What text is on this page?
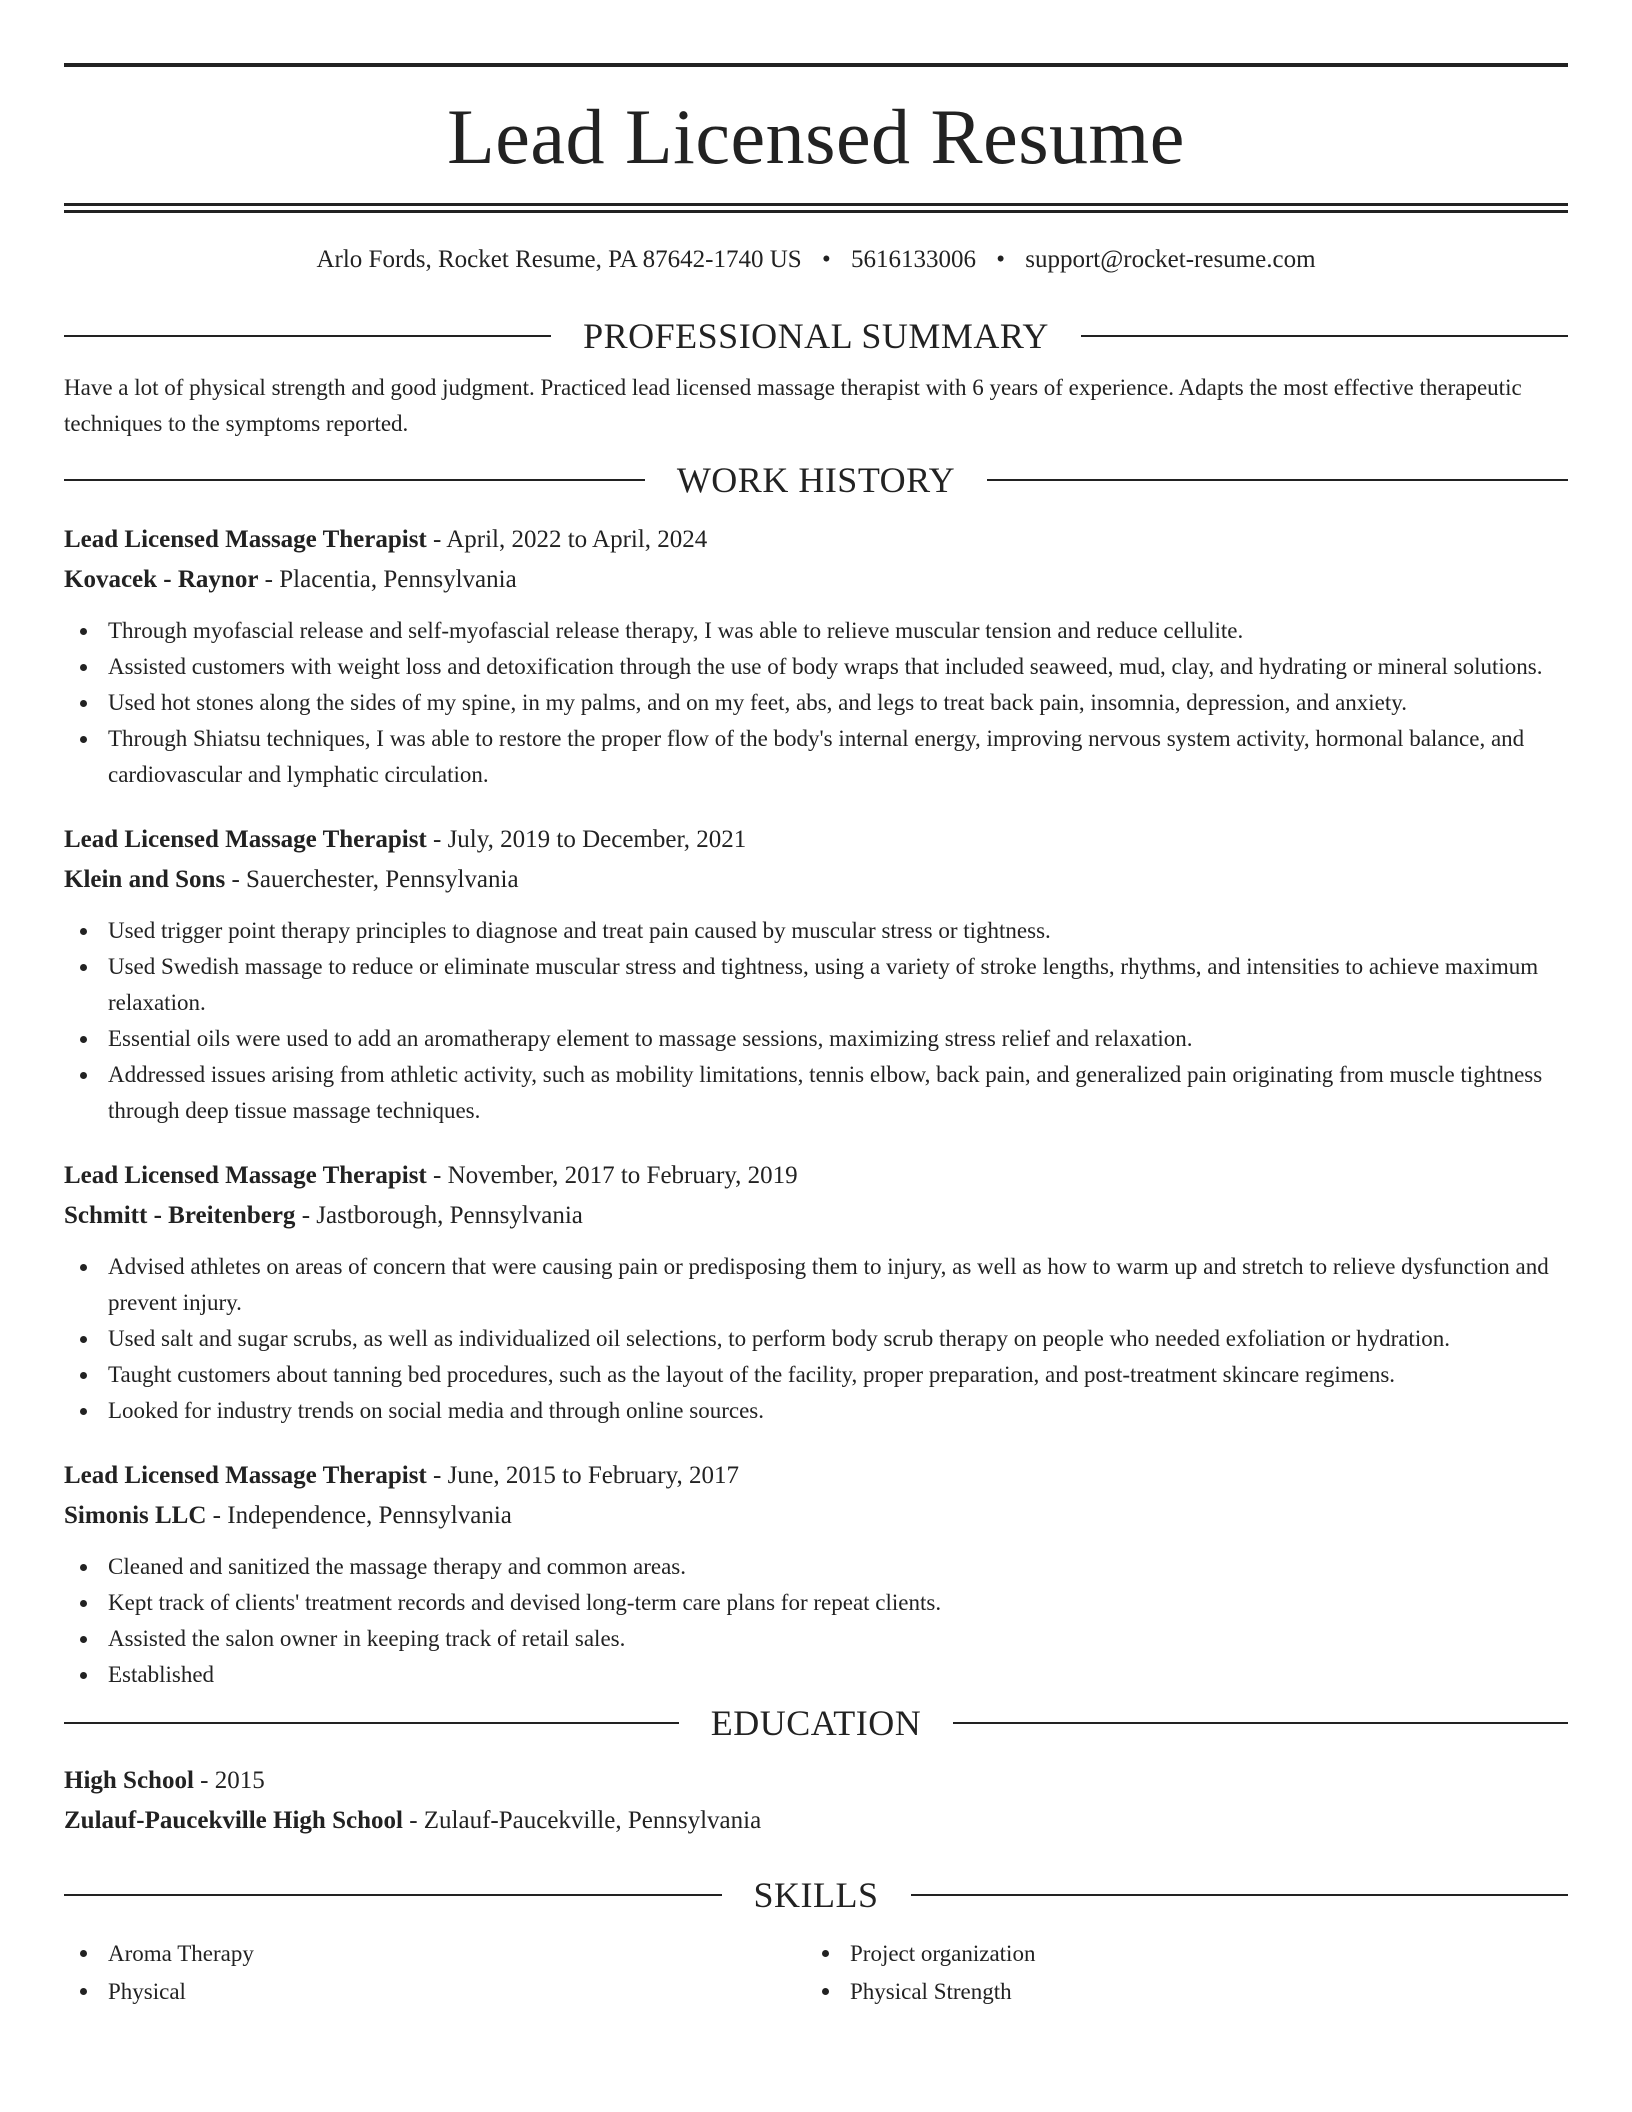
Lead Licensed Resume
Arlo Fords, Rocket Resume, PA 87642-1740 US • 5616133006 • support@rocket-resume.com
PROFESSIONAL SUMMARY
Have a lot of physical strength and good judgment. Practiced lead licensed massage therapist with 6 years of experience. Adapts the most effective therapeutic techniques to the symptoms reported.
WORK HISTORY
Lead Licensed Massage Therapist - April, 2022 to April, 2024
Kovacek - Raynor - Placentia, Pennsylvania
Through myofascial release and self-myofascial release therapy, I was able to relieve muscular tension and reduce cellulite.
Assisted customers with weight loss and detoxification through the use of body wraps that included seaweed, mud, clay, and hydrating or mineral solutions.
Used hot stones along the sides of my spine, in my palms, and on my feet, abs, and legs to treat back pain, insomnia, depression, and anxiety.
Through Shiatsu techniques, I was able to restore the proper flow of the body's internal energy, improving nervous system activity, hormonal balance, and cardiovascular and lymphatic circulation.
Lead Licensed Massage Therapist - July, 2019 to December, 2021
Klein and Sons - Sauerchester, Pennsylvania
Used trigger point therapy principles to diagnose and treat pain caused by muscular stress or tightness.
Used Swedish massage to reduce or eliminate muscular stress and tightness, using a variety of stroke lengths, rhythms, and intensities to achieve maximum relaxation.
Essential oils were used to add an aromatherapy element to massage sessions, maximizing stress relief and relaxation.
Addressed issues arising from athletic activity, such as mobility limitations, tennis elbow, back pain, and generalized pain originating from muscle tightness through deep tissue massage techniques.
Lead Licensed Massage Therapist - November, 2017 to February, 2019
Schmitt - Breitenberg - Jastborough, Pennsylvania
Advised athletes on areas of concern that were causing pain or predisposing them to injury, as well as how to warm up and stretch to relieve dysfunction and prevent injury.
Used salt and sugar scrubs, as well as individualized oil selections, to perform body scrub therapy on people who needed exfoliation or hydration.
Taught customers about tanning bed procedures, such as the layout of the facility, proper preparation, and post-treatment skincare regimens.
Looked for industry trends on social media and through online sources.
Lead Licensed Massage Therapist - June, 2015 to February, 2017
Simonis LLC - Independence, Pennsylvania
Cleaned and sanitized the massage therapy and common areas.
Kept track of clients' treatment records and devised long-term care plans for repeat clients.
Assisted the salon owner in keeping track of retail sales.
Established
EDUCATION
High School - 2015
Zulauf-Paucekville High School - Zulauf-Paucekville, Pennsylvania
SKILLS
Aroma Therapy
Physical
Project organization
Physical Strength
